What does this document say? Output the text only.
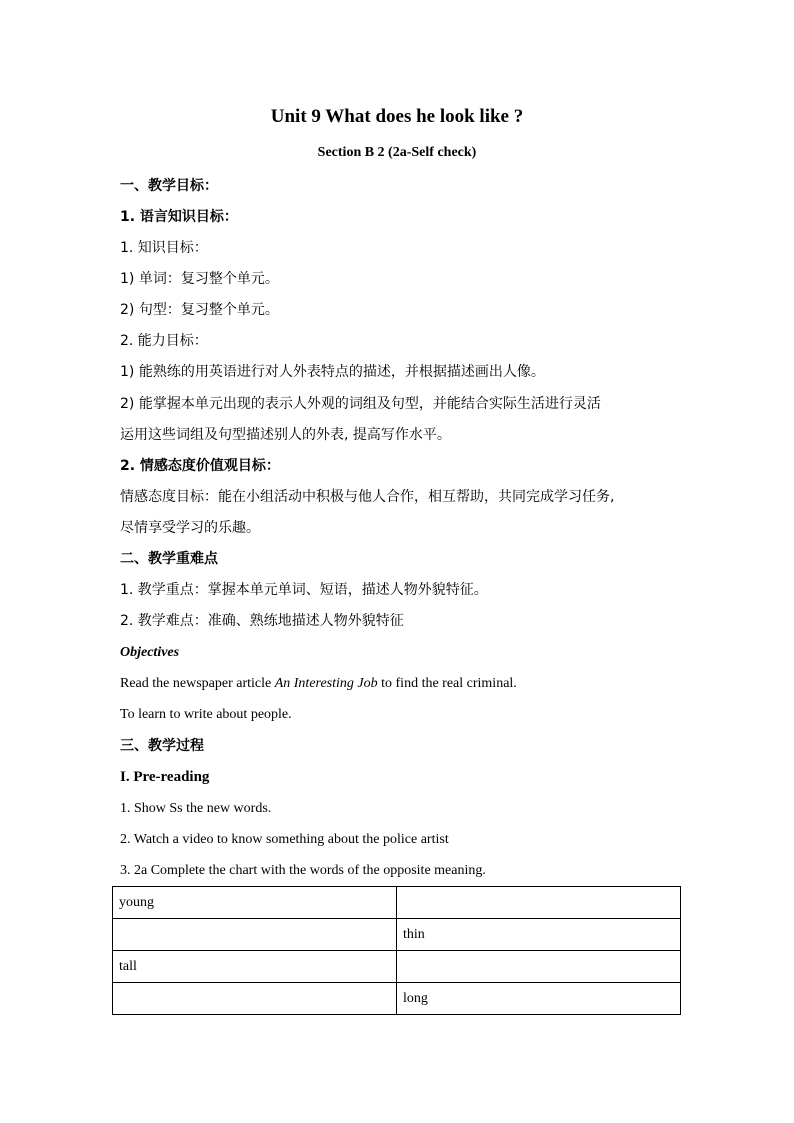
Unit 9 What does he look like ?
Section B 2 (2a-Self check)
一、教学目标：
1. 语言知识目标：
1. 知识目标：
1) 单词：复习整个单元。
2) 句型：复习整个单元。
2. 能力目标：
1) 能熟练的用英语进行对人外表特点的描述，并根据描述画出人像。
2) 能掌握本单元出现的表示人外观的词组及句型，并能结合实际生活进行灵活
运用这些词组及句型描述别人的外表, 提高写作水平。
2. 情感态度价值观目标：
情感态度目标：能在小组活动中积极与他人合作，相互帮助，共同完成学习任务,
尽情享受学习的乐趣。
二、教学重难点
1. 教学重点：掌握本单元单词、短语，描述人物外貌特征。
2. 教学难点：准确、熟练地描述人物外貌特征
Objectives
Read the newspaper article An Interesting Job to find the real criminal.
To learn to write about people.
三、教学过程
I. Pre-reading
1. Show Ss the new words.
2. Watch a video to know something about the police artist
3. 2a Complete the chart with the words of the opposite meaning.
young	
	thin
tall	
	long
